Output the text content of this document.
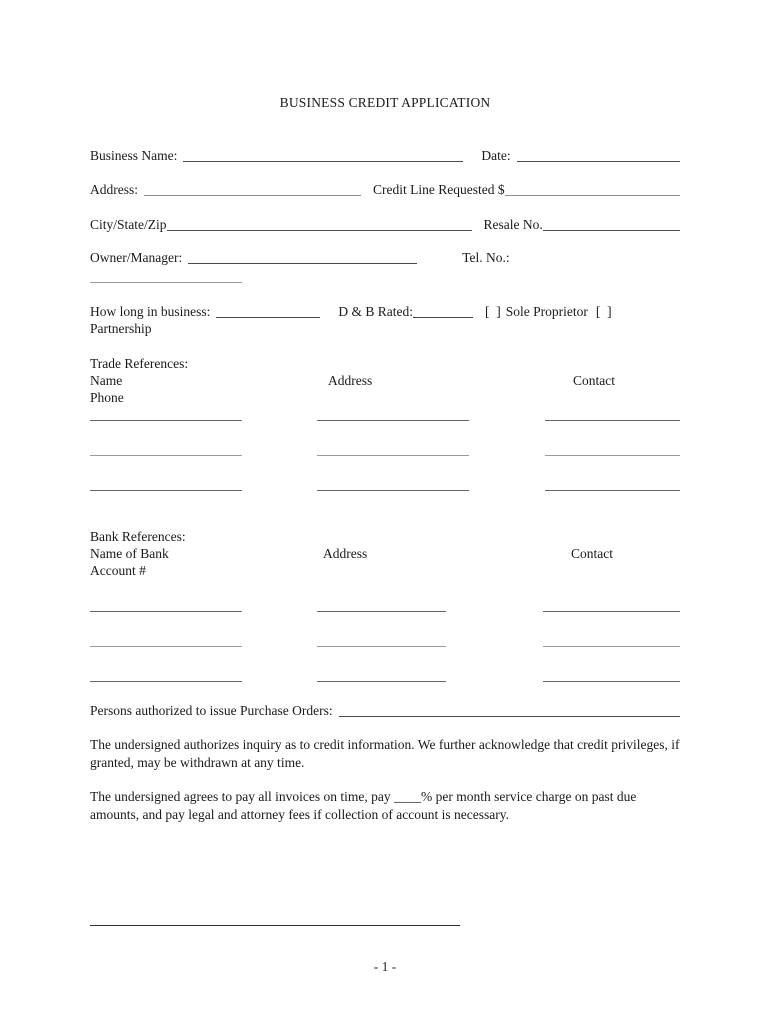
BUSINESS CREDIT APPLICATION
Business Name:	Date:
Address:	Credit Line Requested $
City/State/Zip	Resale No.
Owner/Manager:	Tel. No.:
How long in business:	D & B Rated:	[  ] Sole Proprietor [  ]
Partnership
Trade References:
Name	Address	Contact
Phone
Bank References:
Name of Bank	Address	Contact
Account #
Persons authorized to issue Purchase Orders:
The undersigned authorizes inquiry as to credit information. We further acknowledge that credit privileges, if granted, may be withdrawn at any time.
The undersigned agrees to pay all invoices on time, pay ____% per month service charge on past due amounts, and pay legal and attorney fees if collection of account is necessary.
- 1 -
